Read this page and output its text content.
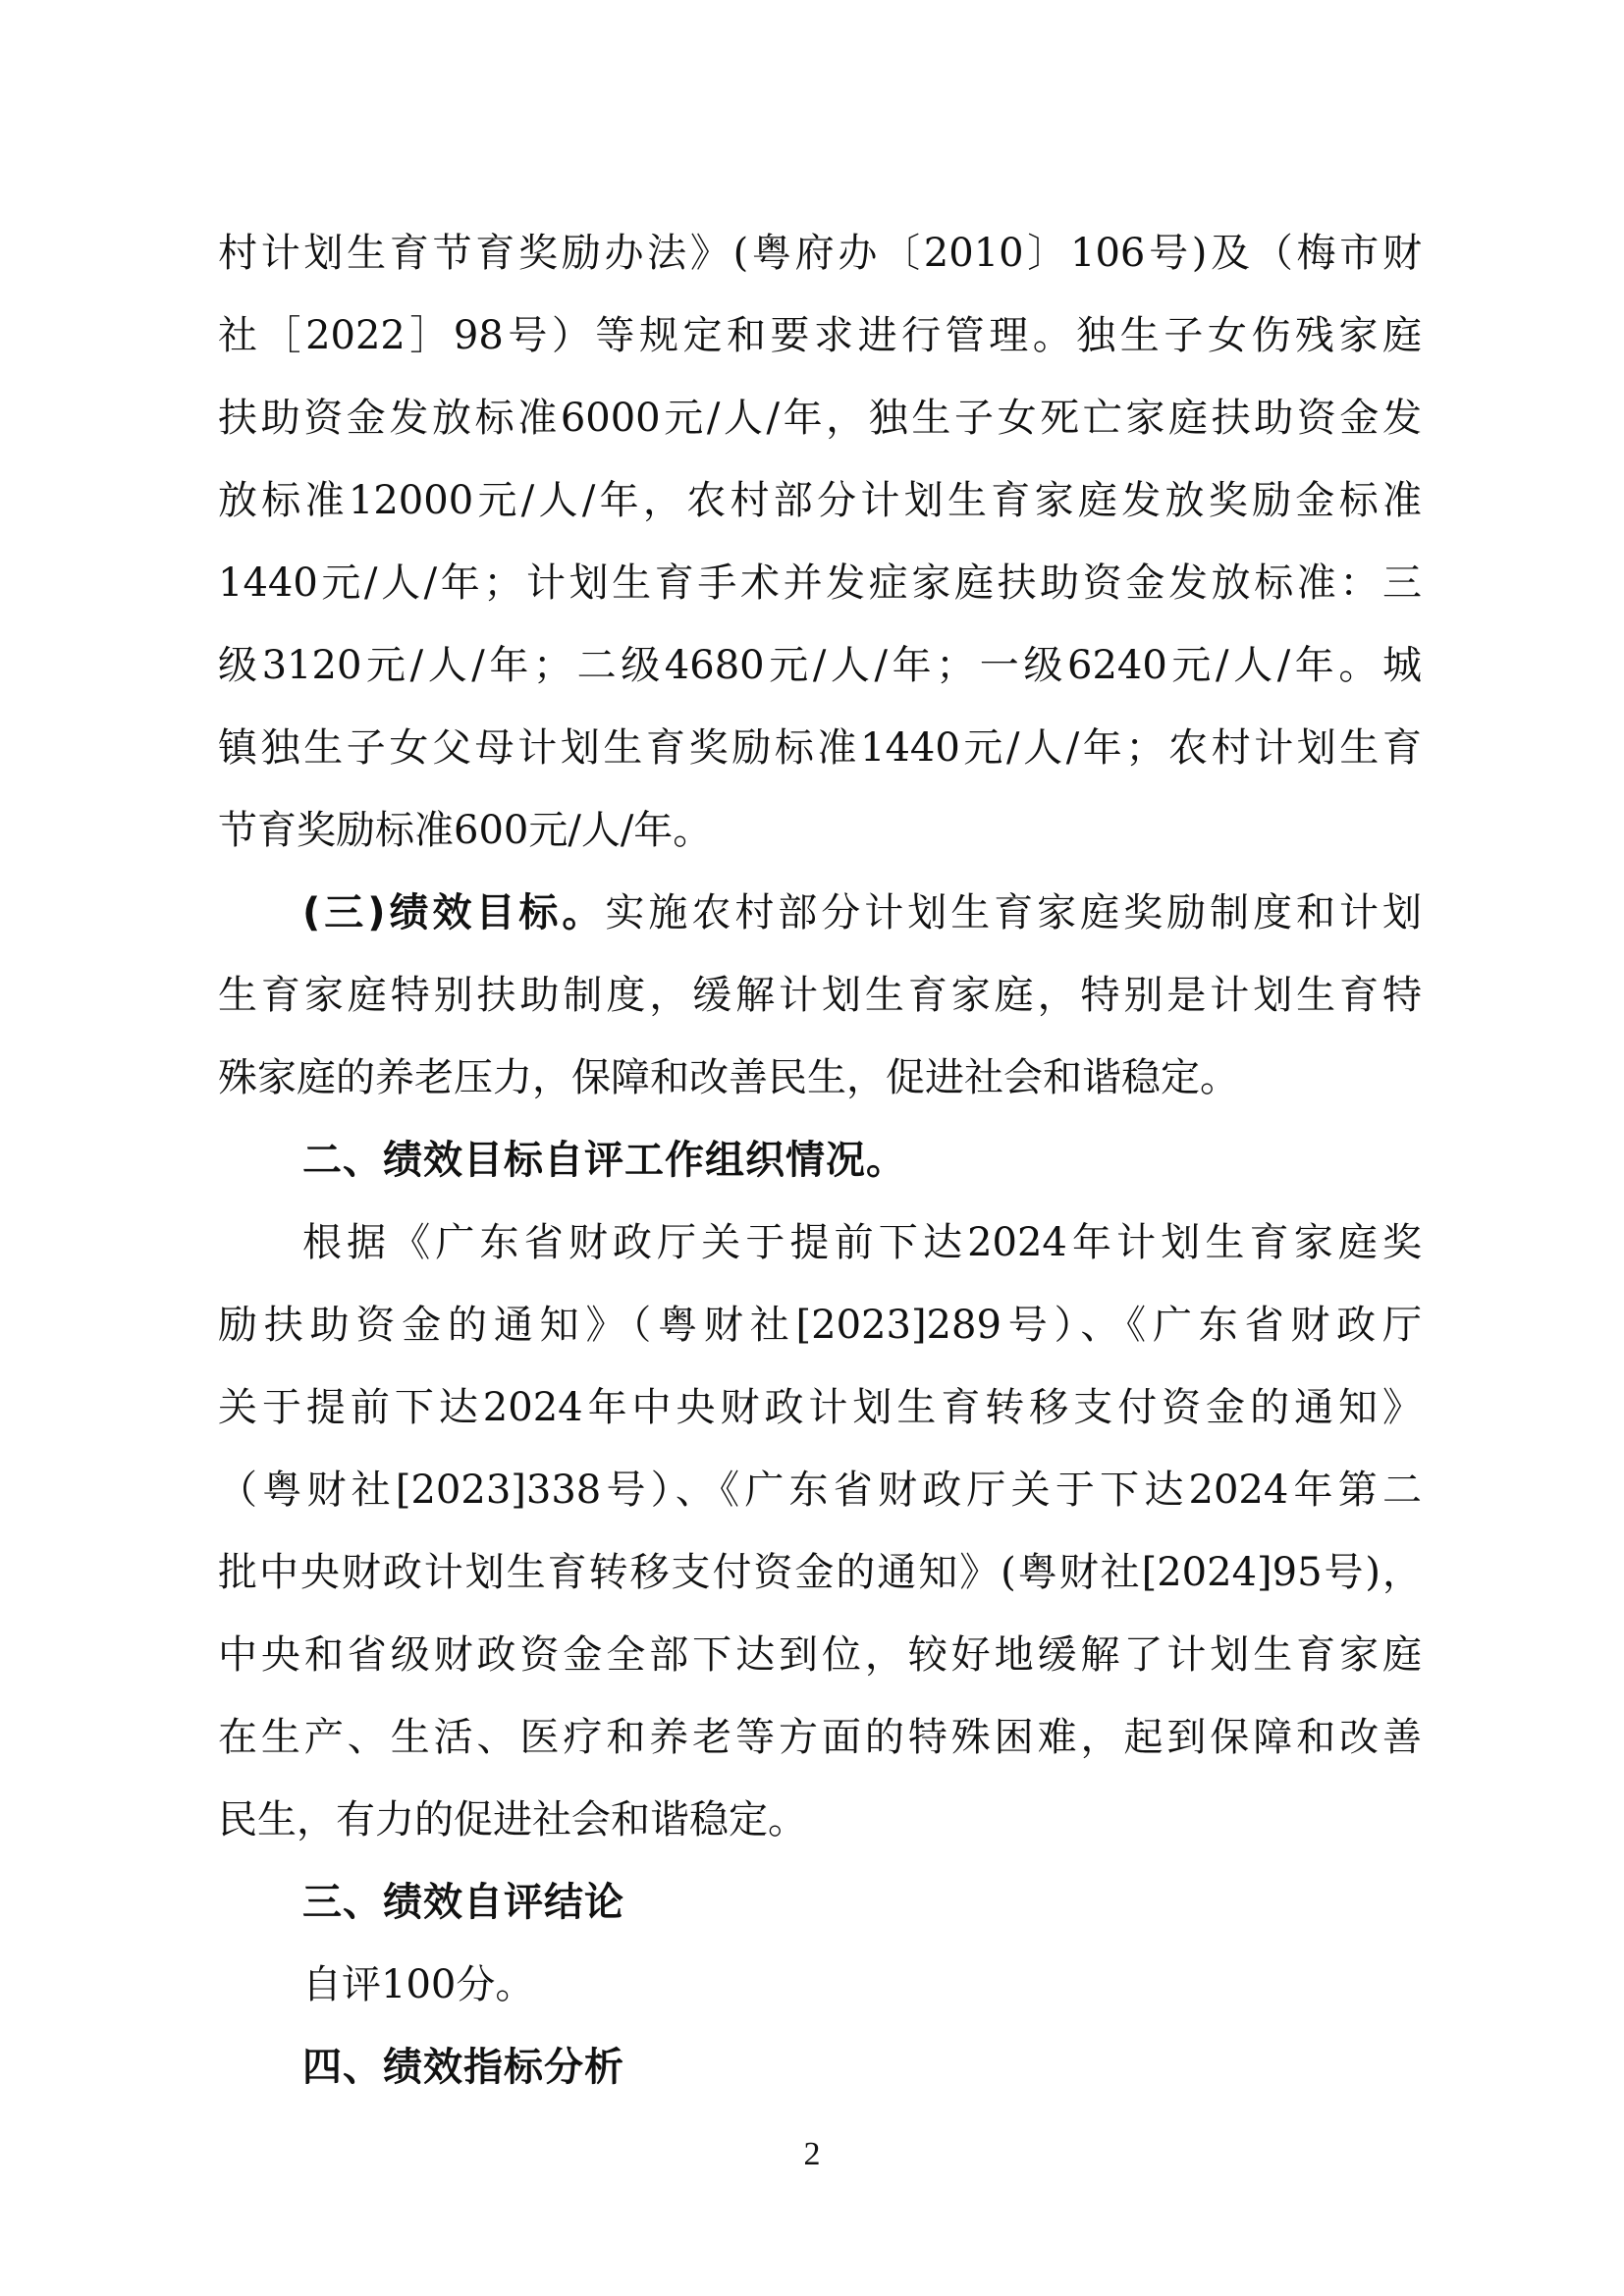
村计划生育节育奖励办法》(粤府办〔2010〕106号)及（梅市财
社［2022］98号）等规定和要求进行管理。独生子女伤残家庭
扶助资金发放标准6000元/人/年，独生子女死亡家庭扶助资金发
放标准12000元/人/年，农村部分计划生育家庭发放奖励金标准
1440元/人/年；计划生育手术并发症家庭扶助资金发放标准：三
级3120元/人/年；二级4680元/人/年；一级6240元/人/年。城
镇独生子女父母计划生育奖励标准1440元/人/年；农村计划生育
节育奖励标准600元/人/年。
(三)绩效目标。实施农村部分计划生育家庭奖励制度和计划
生育家庭特别扶助制度，缓解计划生育家庭，特别是计划生育特
殊家庭的养老压力，保障和改善民生，促进社会和谐稳定。
二、绩效目标自评工作组织情况。
根据《广东省财政厅关于提前下达2024年计划生育家庭奖
励扶助资金的通知》（粤财社[2023]289号）、《广东省财政厅
关于提前下达2024年中央财政计划生育转移支付资金的通知》
（粤财社[2023]338号）、《广东省财政厅关于下达2024年第二
批中央财政计划生育转移支付资金的通知》(粤财社[2024]95号)，
中央和省级财政资金全部下达到位，较好地缓解了计划生育家庭
在生产、生活、医疗和养老等方面的特殊困难，起到保障和改善
民生，有力的促进社会和谐稳定。
三、绩效自评结论
自评100分。
四、绩效指标分析
2
